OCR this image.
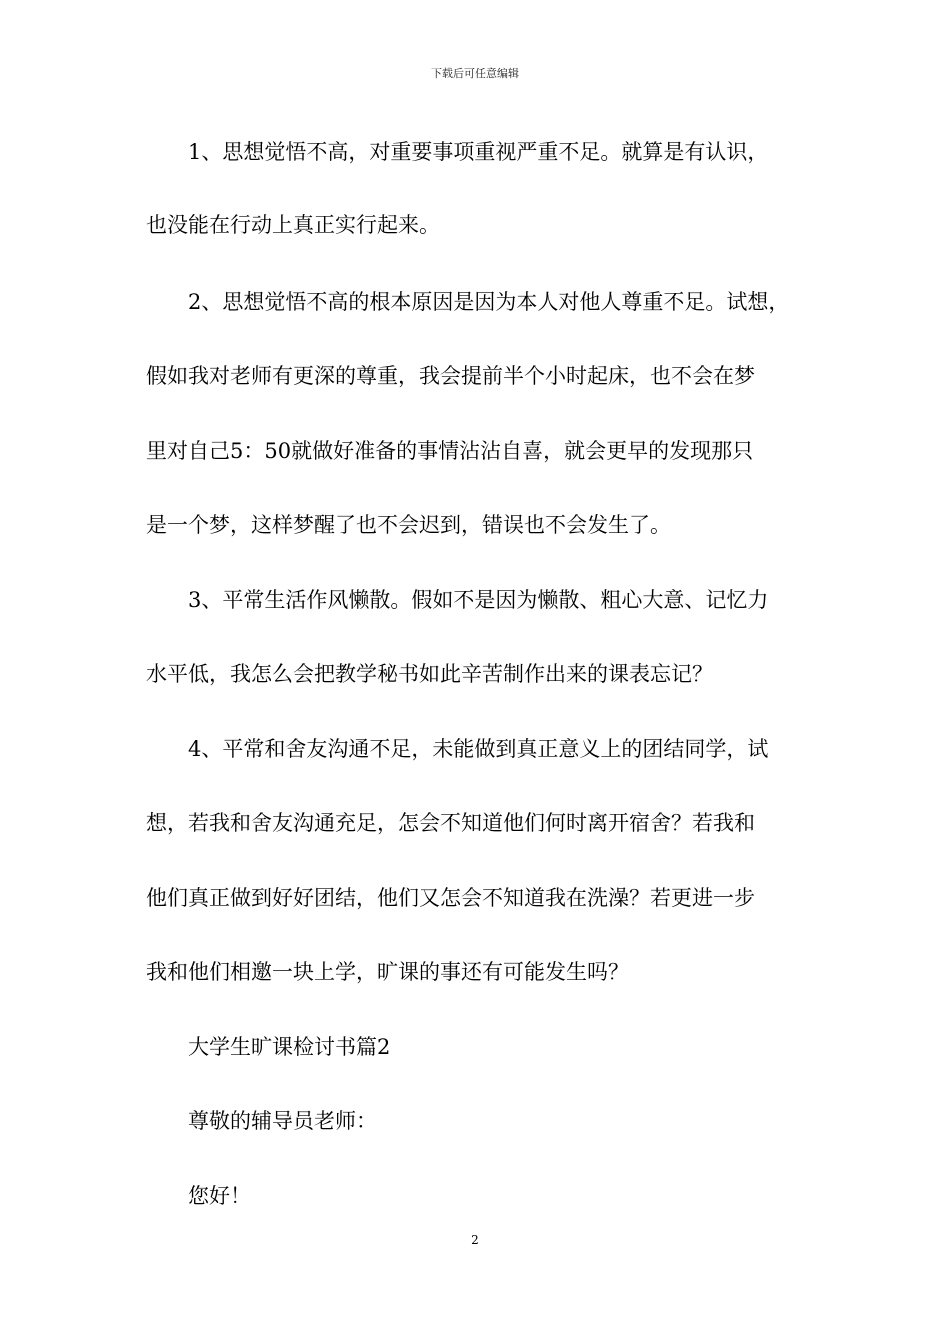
下载后可任意编辑
1、思想觉悟不高，对重要事项重视严重不足。就算是有认识，
也没能在行动上真正实行起来。
2、思想觉悟不高的根本原因是因为本人对他人尊重不足。试想，
假如我对老师有更深的尊重，我会提前半个小时起床，也不会在梦
里对自己5：50就做好准备的事情沾沾自喜，就会更早的发现那只
是一个梦，这样梦醒了也不会迟到，错误也不会发生了。
3、平常生活作风懒散。假如不是因为懒散、粗心大意、记忆力
水平低，我怎么会把教学秘书如此辛苦制作出来的课表忘记？
4、平常和舍友沟通不足，未能做到真正意义上的团结同学，试
想，若我和舍友沟通充足，怎会不知道他们何时离开宿舍？若我和
他们真正做到好好团结，他们又怎会不知道我在洗澡？若更进一步
我和他们相邀一块上学，旷课的事还有可能发生吗？
大学生旷课检讨书篇2
尊敬的辅导员老师：
您好！
2
